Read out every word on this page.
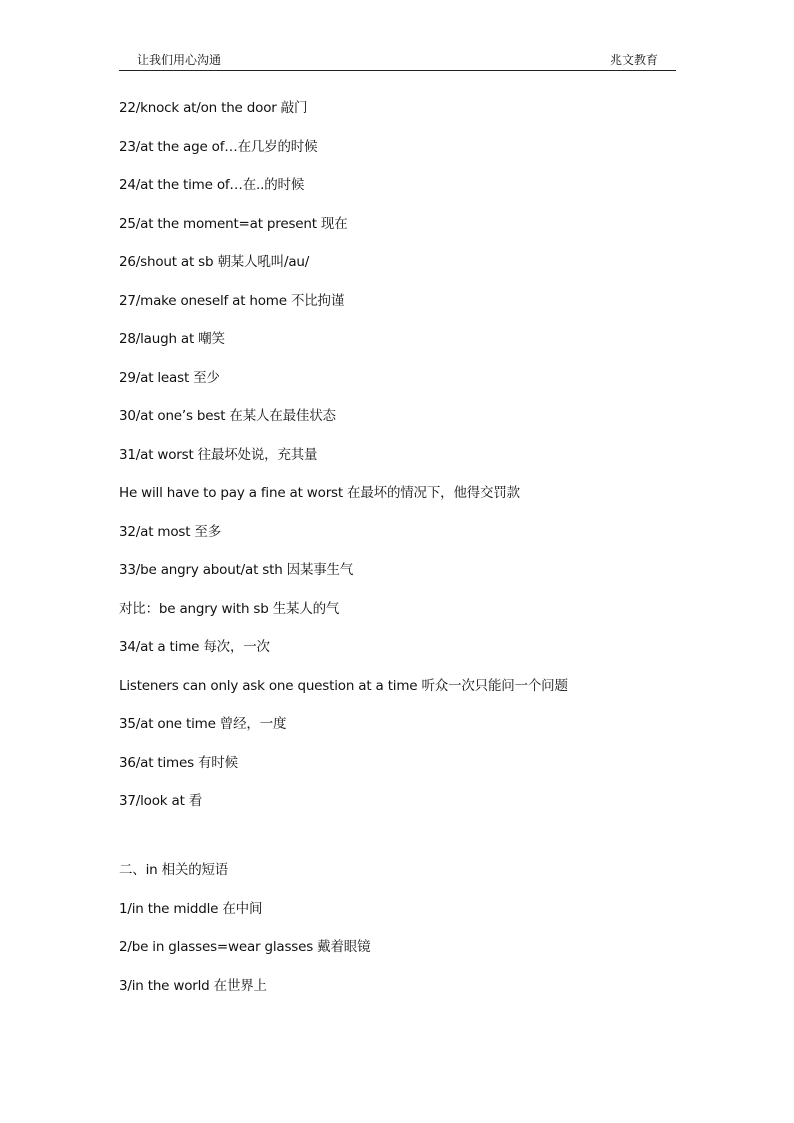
让我们用心沟通	兆文教育
22/knock at/on the door 敲门
23/at the age of…在几岁的时候
24/at the time of…在..的时候
25/at the moment=at present 现在
26/shout at sb 朝某人吼叫/au/
27/make oneself at home 不比拘谨
28/laugh at 嘲笑
29/at least 至少
30/at one’s best 在某人在最佳状态
31/at worst 往最坏处说，充其量
He will have to pay a fine at worst 在最坏的情况下，他得交罚款
32/at most 至多
33/be angry about/at sth 因某事生气
对比：be angry with sb 生某人的气
34/at a time 每次，一次
Listeners can only ask one question at a time 听众一次只能问一个问题
35/at one time 曾经，一度
36/at times 有时候
37/look at 看
二、in 相关的短语
1/in the middle 在中间
2/be in glasses=wear glasses 戴着眼镜
3/in the world 在世界上
